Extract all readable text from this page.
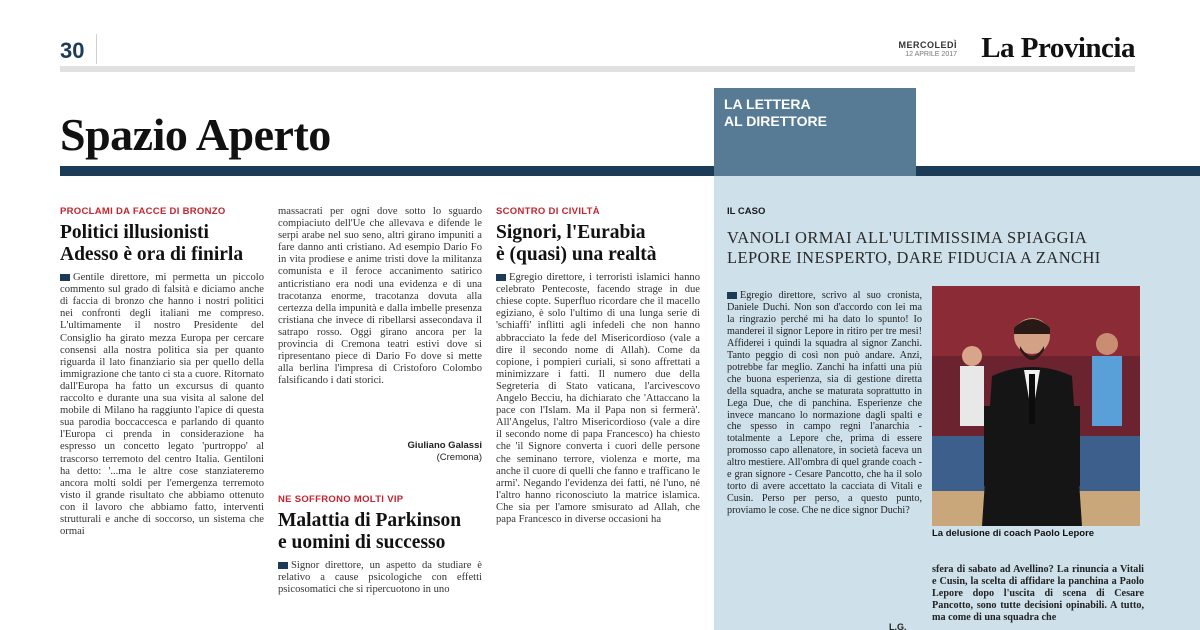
30	MERCOLEDÌ
12 APRILE 2017 La Provincia
Spazio Aperto
LA LETTERA
AL DIRETTORE
PROCLAMI DA FACCE DI BRONZO
Politici illusionisti
Adesso è ora di finirla

Gentile direttore, mi permetta un piccolo commento sul grado di falsità e diciamo anche di faccia di bronzo che hanno i nostri politici nei confronti degli italiani me compreso. L'ultimamente il nostro Presidente del Consiglio ha girato mezza Europa per cercare consensi alla nostra politica sia per quanto riguarda il lato finanziario sia per quello della immigrazione che tanto ci sta a cuore. Ritornato dall'Europa ha fatto un excursus di quanto raccolto e durante una sua visita al salone del mobile di Milano ha raggiunto l'apice di questa sua parodia boccaccesca e parlando di quanto l'Europa ci prenda in considerazione ha espresso un concetto legato 'purtroppo' al trascorso terremoto del centro Italia. Gentiloni ha detto: '...ma le altre cose stanziateremo ancora molti soldi per l'emergenza terremoto visto il grande risultato che abbiamo ottenuto con il lavoro che abbiamo fatto, interventi strutturali e anche di soccorso, un sistema che ormai

massacrati per ogni dove sotto lo sguardo compiaciuto dell'Ue che allevava e difende le serpi arabe nel suo seno, altri girano impuniti a fare danno anti cristiano. Ad esempio Dario Fo in vita prodiese e anime tristi dove la militanza comunista e il feroce accanimento satirico anticristiano era nodi una evidenza e di una tracotanza enorme, tracotanza dovuta alla certezza della impunità e dalla imbelle presenza cristiana che invece di ribellarsi assecondava il satrapo rosso. Oggi girano ancora per la provincia di Cremona teatri estivi dove si ripresentano piece di Dario Fo dove si mette alla berlina l'impresa di Cristoforo Colombo falsificando i dati storici.

Giuliano Galassi
(Cremona)
NE SOFFRONO MOLTI VIP
Malattia di Parkinson
e uomini di successo

Signor direttore, un aspetto da studiare è relativo a cause psicologiche con effetti psicosomatici che si ripercuotono in uno

SCONTRO DI CIVILTÀ
Signori, l'Eurabia
è (quasi) una realtà

Egregio direttore, i terroristi islamici hanno celebrato Pentecoste, facendo strage in due chiese copte. Superfluo ricordare che il macello egiziano, è solo l'ultimo di una lunga serie di 'schiaffi' inflitti agli infedeli che non hanno abbracciato la fede del Misericordioso (vale a dire il secondo nome di Allah). Come da copione, i pompieri curiali, si sono affrettati a minimizzare i fatti. Il numero due della Segreteria di Stato vaticana, l'arcivescovo Angelo Becciu, ha dichiarato che 'Attaccano la pace con l'Islam. Ma il Papa non si fermerà'. All'Angelus, l'altro Misericordioso (vale a dire il secondo nome di papa Francesco) ha chiesto che 'il Signore converta i cuori delle persone che seminano terrore, violenza e morte, ma anche il cuore di quelli che fanno e trafficano le armi'. Negando l'evidenza dei fatti, né l'uno, né l'altro hanno riconosciuto la matrice islamica. Che sia per l'amore smisurato ad Allah, che papa Francesco in diverse occasioni ha

IL CASO
VANOLI ORMAI ALL'ULTIMISSIMA SPIAGGIA
LEPORE INESPERTO, DARE FIDUCIA A ZANCHI

Egregio direttore, scrivo al suo cronista, Daniele Duchi. Non son d'accordo con lei ma la ringrazio perché mi ha dato lo spunto! Io manderei il signor Lepore in ritiro per tre mesi! Affiderei i quindi la squadra al signor Zanchi. Tanto peggio di così non può andare. Anzi, potrebbe far meglio. Zanchi ha infatti una più che buona esperienza, sia di gestione diretta della squadra, anche se maturata soprattutto in Lega Due, che di panchina. Esperienze che invece mancano lo normazione dagli spalti e che spesso in campo regni l'anarchia - totalmente a Lepore che, prima di essere promosso capo allenatore, in società faceva un altro mestiere. All'ombra di quel grande coach - e gran signore - Cesare Pancotto, che ha il solo torto di avere accettato la cacciata di Vitali e Cusin. Perso per perso, a questo punto, proviamo le cose. Che ne dice signor Duchi?

L.G.
La delusione di coach Paolo Lepore

sfera di sabato ad Avellino? La rinuncia a Vitali e Cusin, la scelta di affidare la panchina a Paolo Lepore dopo l'uscita di scena di Cesare Pancotto, sono tutte decisioni opinabili. A tutto, ma come di una squadra che
